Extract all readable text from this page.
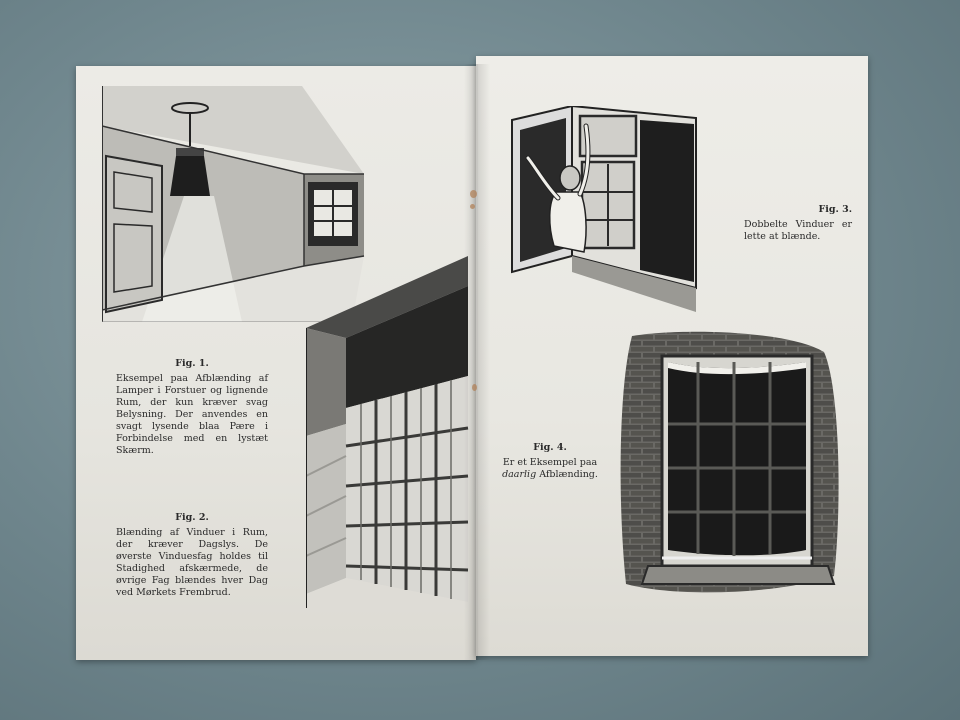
Fig. 1.
Eksempel paa Afblænding af Lamper i Forstuer og lignende Rum, der kun kræver svag Belysning. Der anvendes en svagt lysende blaa Pære i Forbindelse med en lystæt Skærm.
Fig. 2.
Blænding af Vinduer i Rum, der kræver Dagslys. De øverste Vinduesfag holdes til Stadighed afskærmede, de øvrige Fag blændes hver Dag ved Mørkets Frembrud.
Fig. 3.
Dobbelte Vinduer er lette at blænde.
Fig. 4.
Er et Eksempel paa daarlig Afblænding.
